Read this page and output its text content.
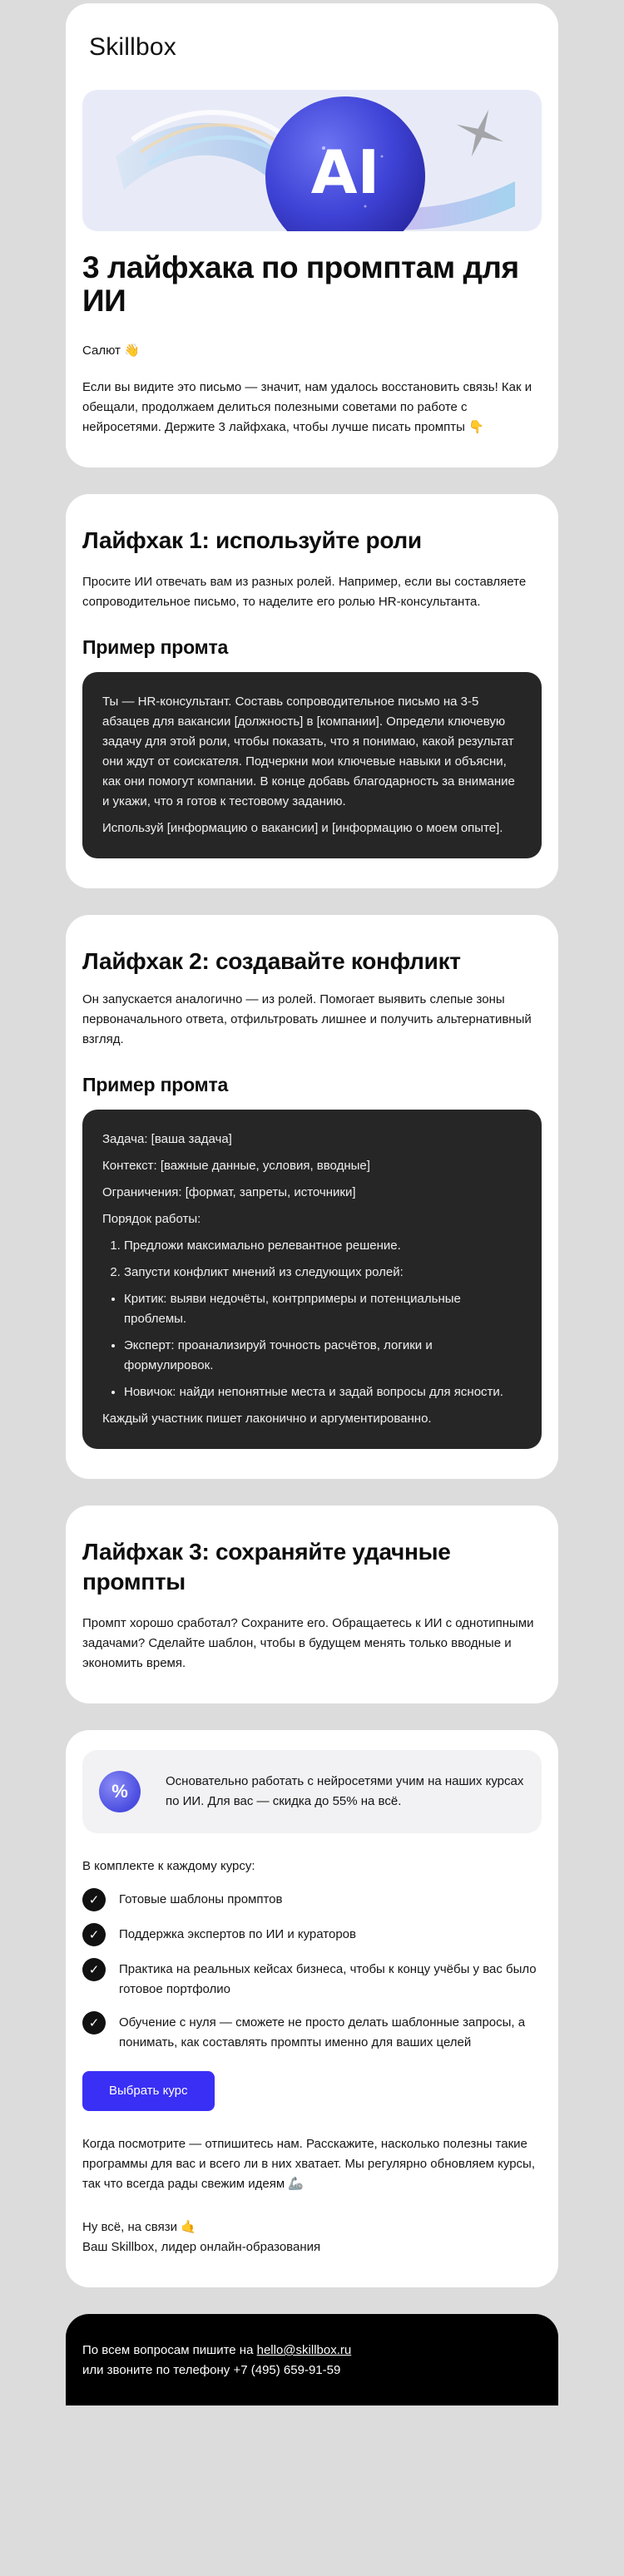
Skillbox
AI
3 лайфхака по промптам для ИИ

Салют 👋

Если вы видите это письмо — значит, нам удалось восстановить связь! Как и обещали, продолжаем делиться полезными советами по работе с нейросетями. Держите 3 лайфхака, чтобы лучше писать промпты 👇

Лайфхак 1: используйте роли

Просите ИИ отвечать вам из разных ролей. Например, если вы составляете сопроводительное письмо, то наделите его ролью HR-консультанта.

Пример промта

Ты — HR-консультант. Составь сопроводительное письмо на 3-5 абзацев для вакансии [должность] в [компании]. Определи ключевую задачу для этой роли, чтобы показать, что я понимаю, какой результат они ждут от соискателя. Подчеркни мои ключевые навыки и объясни, как они помогут компании. В конце добавь благодарность за внимание и укажи, что я готов к тестовому заданию.

Используй [информацию о вакансии] и [информацию о моем опыте].

Лайфхак 2: создавайте конфликт

Он запускается аналогично — из ролей. Помогает выявить слепые зоны первоначального ответа, отфильтровать лишнее и получить альтернативный взгляд.

Пример промта

Задача: [ваша задача]

Контекст: [важные данные, условия, вводные]

Ограничения: [формат, запреты, источники]

Порядок работы:

1. Предложи максимально релевантное решение.
2. Запусти конфликт мнений из следующих ролей:
• Критик: выяви недочёты, контрпримеры и потенциальные проблемы.
• Эксперт: проанализируй точность расчётов, логики и формулировок.
• Новичок: найди непонятные места и задай вопросы для ясности.

Каждый участник пишет лаконично и аргументированно.

Лайфхак 3: сохраняйте удачные промпты

Промпт хорошо сработал? Сохраните его. Обращаетесь к ИИ с однотипными задачами? Сделайте шаблон, чтобы в будущем менять только вводные и экономить время.

%	Основательно работать с нейросетями учим на наших курсах по ИИ. Для вас — скидка до 55% на всё.

В комплекте к каждому курсу:

✓	Готовые шаблоны промптов
✓	Поддержка экспертов по ИИ и кураторов
✓	Практика на реальных кейсах бизнеса, чтобы к концу учёбы у вас было готовое портфолио
✓	Обучение с нуля — сможете не просто делать шаблонные запросы, а понимать, как составлять промпты именно для ваших целей
Выбрать курс

Когда посмотрите — отпишитесь нам. Расскажите, насколько полезны такие программы для вас и всего ли в них хватает. Мы регулярно обновляем курсы, так что всегда рады свежим идеям 🦾

Ну всё, на связи 🤙

Ваш Skillbox, лидер онлайн-образования

По всем вопросам пишите на hello@skillbox.ru

или звоните по телефону +7 (495) 659-91-59
